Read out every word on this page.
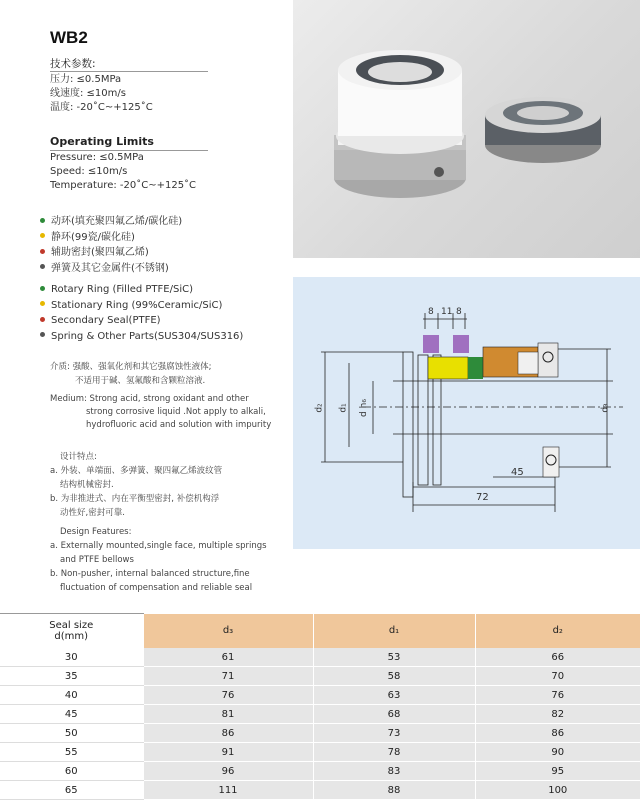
WB2
技术参数:
压力: ≤0.5MPa
线速度: ≤10m/s
温度: -20˚C~+125˚C
Operating Limits
Pressure: ≤0.5MPa
Speed: ≤10m/s
Temperature: -20˚C~+125˚C
动环(填充聚四氟乙烯/碳化硅)
静环(99瓷/碳化硅)
辅助密封(聚四氟乙烯)
弹簧及其它金属件(不锈钢)
Rotary Ring (Filled PTFE/SiC)
Stationary Ring (99%Ceramic/SiC)
Secondary Seal(PTFE)
Spring & Other Parts(SUS304/SUS316)
介质: 强酸、强氧化剂和其它强腐蚀性液体;
不适用于碱、氢氟酸和含颗粒溶液.
Medium: Strong acid, strong oxidant and other
strong corrosive liquid .Not apply to alkali,
hydrofluoric acid and solution with impurity
设计特点:
a. 外装、单端面、多弹簧、聚四氟乙烯波纹管
结构机械密封.
b. 为非推进式、内在平衡型密封, 补偿机构浮
动性好,密封可靠.
Design Features:
a. Externally mounted,single face, multiple springs
and PTFE bellows
b. Non-pusher, internal balanced structure,fine
fluctuation of compensation and reliable seal
8 11 8
45
72
d₂ d₁ d h₆	d₃
Seal size
d(mm)	d₃	d₁	d₂
30	61	53	66
35	71	58	70
40	76	63	76
45	81	68	82
50	86	73	86
55	91	78	90
60	96	83	95
65	111	88	100
